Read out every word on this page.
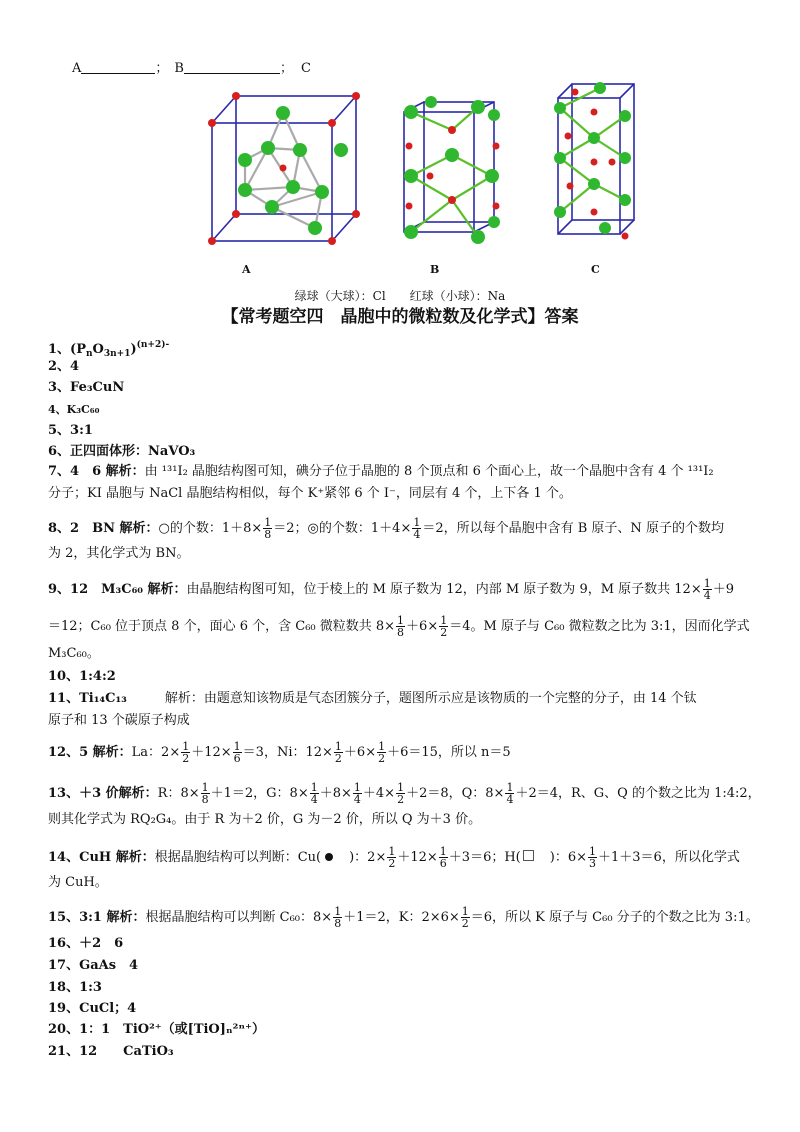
A	； B	； C
A	B	C
绿球（大球）：Cl　　红球（小球）：Na
【常考题空四　晶胞中的微粒数及化学式】答案
1、$(P_nO_{3n+1})^{(n+2)-}$
2、4
3、Fe₃CuN
4、K₃C₆₀
5、3:1
6、正四面体形：NaVO₃
7、4　6 解析：由 ¹³¹I₂ 晶胞结构图可知，碘分子位于晶胞的 8 个顶点和 6 个面心上，故一个晶胞中含有 4 个 ¹³¹I₂
分子；KI 晶胞与 NaCl 晶胞结构相似，每个 K⁺紧邻 6 个 I⁻，同层有 4 个，上下各 1 个。
8、2　BN 解析：○的个数：$1+8\times \frac{1}{8} =2$；◎的个数：$1+4\times \frac{1}{4} =2$，所以每个晶胞中含有 B 原子、N 原子的个数均
为 2，其化学式为 BN。
9、12　M₃C₆₀ 解析：由晶胞结构图可知，位于棱上的 M 原子数为 12，内部 M 原子数为 9，M 原子数共 $12\times \frac{1}{4} +9$
＝12；C₆₀ 位于顶点 8 个，面心 6 个，含 C₆₀ 微粒数共 $8\times \frac{1}{8} +6\times \frac{1}{2} =4$。M 原子与 C₆₀ 微粒数之比为 3:1，因而化学式
M₃C₆₀。
10、1:4:2
11、Ti₁₄C₁₃	解析：由题意知该物质是气态团簇分子，题图所示应是该物质的一个完整的分子，由 14 个钛
原子和 13 个碳原子构成
12、5 解析：La：$2\times \frac{1}{2} +12\times \frac{1}{6} =3$，Ni：$12\times \frac{1}{2} +6\times \frac{1}{2} +6=15$，所以 n＝5
13、＋3 价解析：R：$8\times \frac{1}{8} +1=2$，G：$8\times \frac{1}{4} +8\times \frac{1}{4} +4\times \frac{1}{2} +2=8$，Q：$8\times \frac{1}{4} +2=4$，R、G、Q 的个数之比为 1:4:2，
则其化学式为 RQ₂G₄。由于 R 为＋2 价，G 为－2 价，所以 Q 为＋3 价。
14、CuH 解析：根据晶胞结构可以判断：Cu( )：$2\times \frac{1}{2} +12\times \frac{1}{6} +3=6$；H( )：$6\times \frac{1}{3} +1+3=6$，所以化学式
为 CuH。
15、3:1 解析：根据晶胞结构可以判断 C₆₀：$8\times \frac{1}{8} +1=2$，K：$2\times 6\times \frac{1}{2} =6$，所以 K 原子与 C₆₀ 分子的个数之比为 3:1。
16、＋2　6
17、GaAs　4
18、1:3
19、CuCl；4
20、1：1　TiO²⁺（或[TiO]ₙ²ⁿ⁺）
21、12　　CaTiO₃
